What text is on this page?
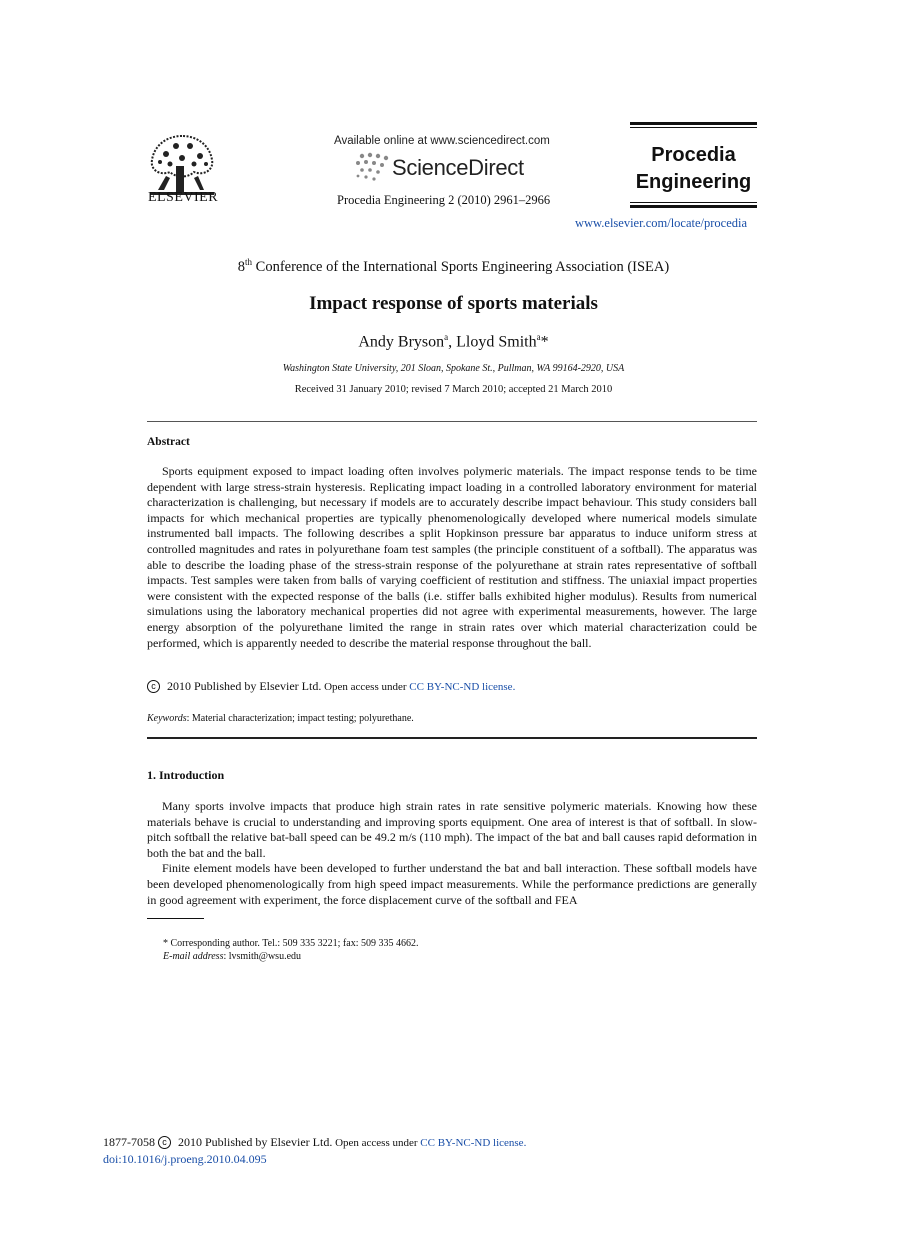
ELSEVIER
Available online at www.sciencedirect.com
ScienceDirect
Procedia Engineering 2 (2010) 2961–2966
Procedia
Engineering
www.elsevier.com/locate/procedia
8th Conference of the International Sports Engineering Association (ISEA)
Impact response of sports materials
Andy Bryson$^a$, Lloyd Smith$^a$*
Washington State University, 201 Sloan, Spokane St., Pullman, WA 99164-2920, USA
Received 31 January 2010; revised 7 March 2010; accepted 21 March 2010
Abstract
Sports equipment exposed to impact loading often involves polymeric materials. The impact response tends to be time dependent with large stress-strain hysteresis. Replicating impact loading in a controlled laboratory environment for material characterization is challenging, but necessary if models are to accurately describe impact behaviour. This study considers ball impacts for which mechanical properties are typically phenomenologically developed where numerical models simulate instrumented ball impacts. The following describes a split Hopkinson pressure bar apparatus to induce uniform stress at controlled magnitudes and rates in polyurethane foam test samples (the principle constituent of a softball). The apparatus was able to describe the loading phase of the stress-strain response of the polyurethane at strain rates representative of softball impacts. Test samples were taken from balls of varying coefficient of restitution and stiffness. The uniaxial impact properties were consistent with the expected response of the balls (i.e. stiffer balls exhibited higher modulus). Results from numerical simulations using the laboratory mechanical properties did not agree with experimental measurements, however. The large energy absorption of the polyurethane limited the range in strain rates over which material characterization could be performed, which is apparently needed to describe the material response throughout the ball.
c 2010 Published by Elsevier Ltd. Open access under CC BY-NC-ND license.
Keywords: Material characterization; impact testing; polyurethane.
1. Introduction

Many sports involve impacts that produce high strain rates in rate sensitive polymeric materials. Knowing how these materials behave is crucial to understanding and improving sports equipment. One area of interest is that of softball. In slow-pitch softball the relative bat-ball speed can be 49.2 m/s (110 mph). The impact of the bat and ball causes rapid deformation in both the bat and the ball.

Finite element models have been developed to further understand the bat and ball interaction. These softball models have been developed phenomenologically from high speed impact measurements. While the performance predictions are generally in good agreement with experiment, the force displacement curve of the softball and FEA

* Corresponding author. Tel.: 509 335 3221; fax: 509 335 4662.
E-mail address: lvsmith@wsu.edu
1877-7058 c 2010 Published by Elsevier Ltd. Open access under CC BY-NC-ND license.
doi:10.1016/j.proeng.2010.04.095
